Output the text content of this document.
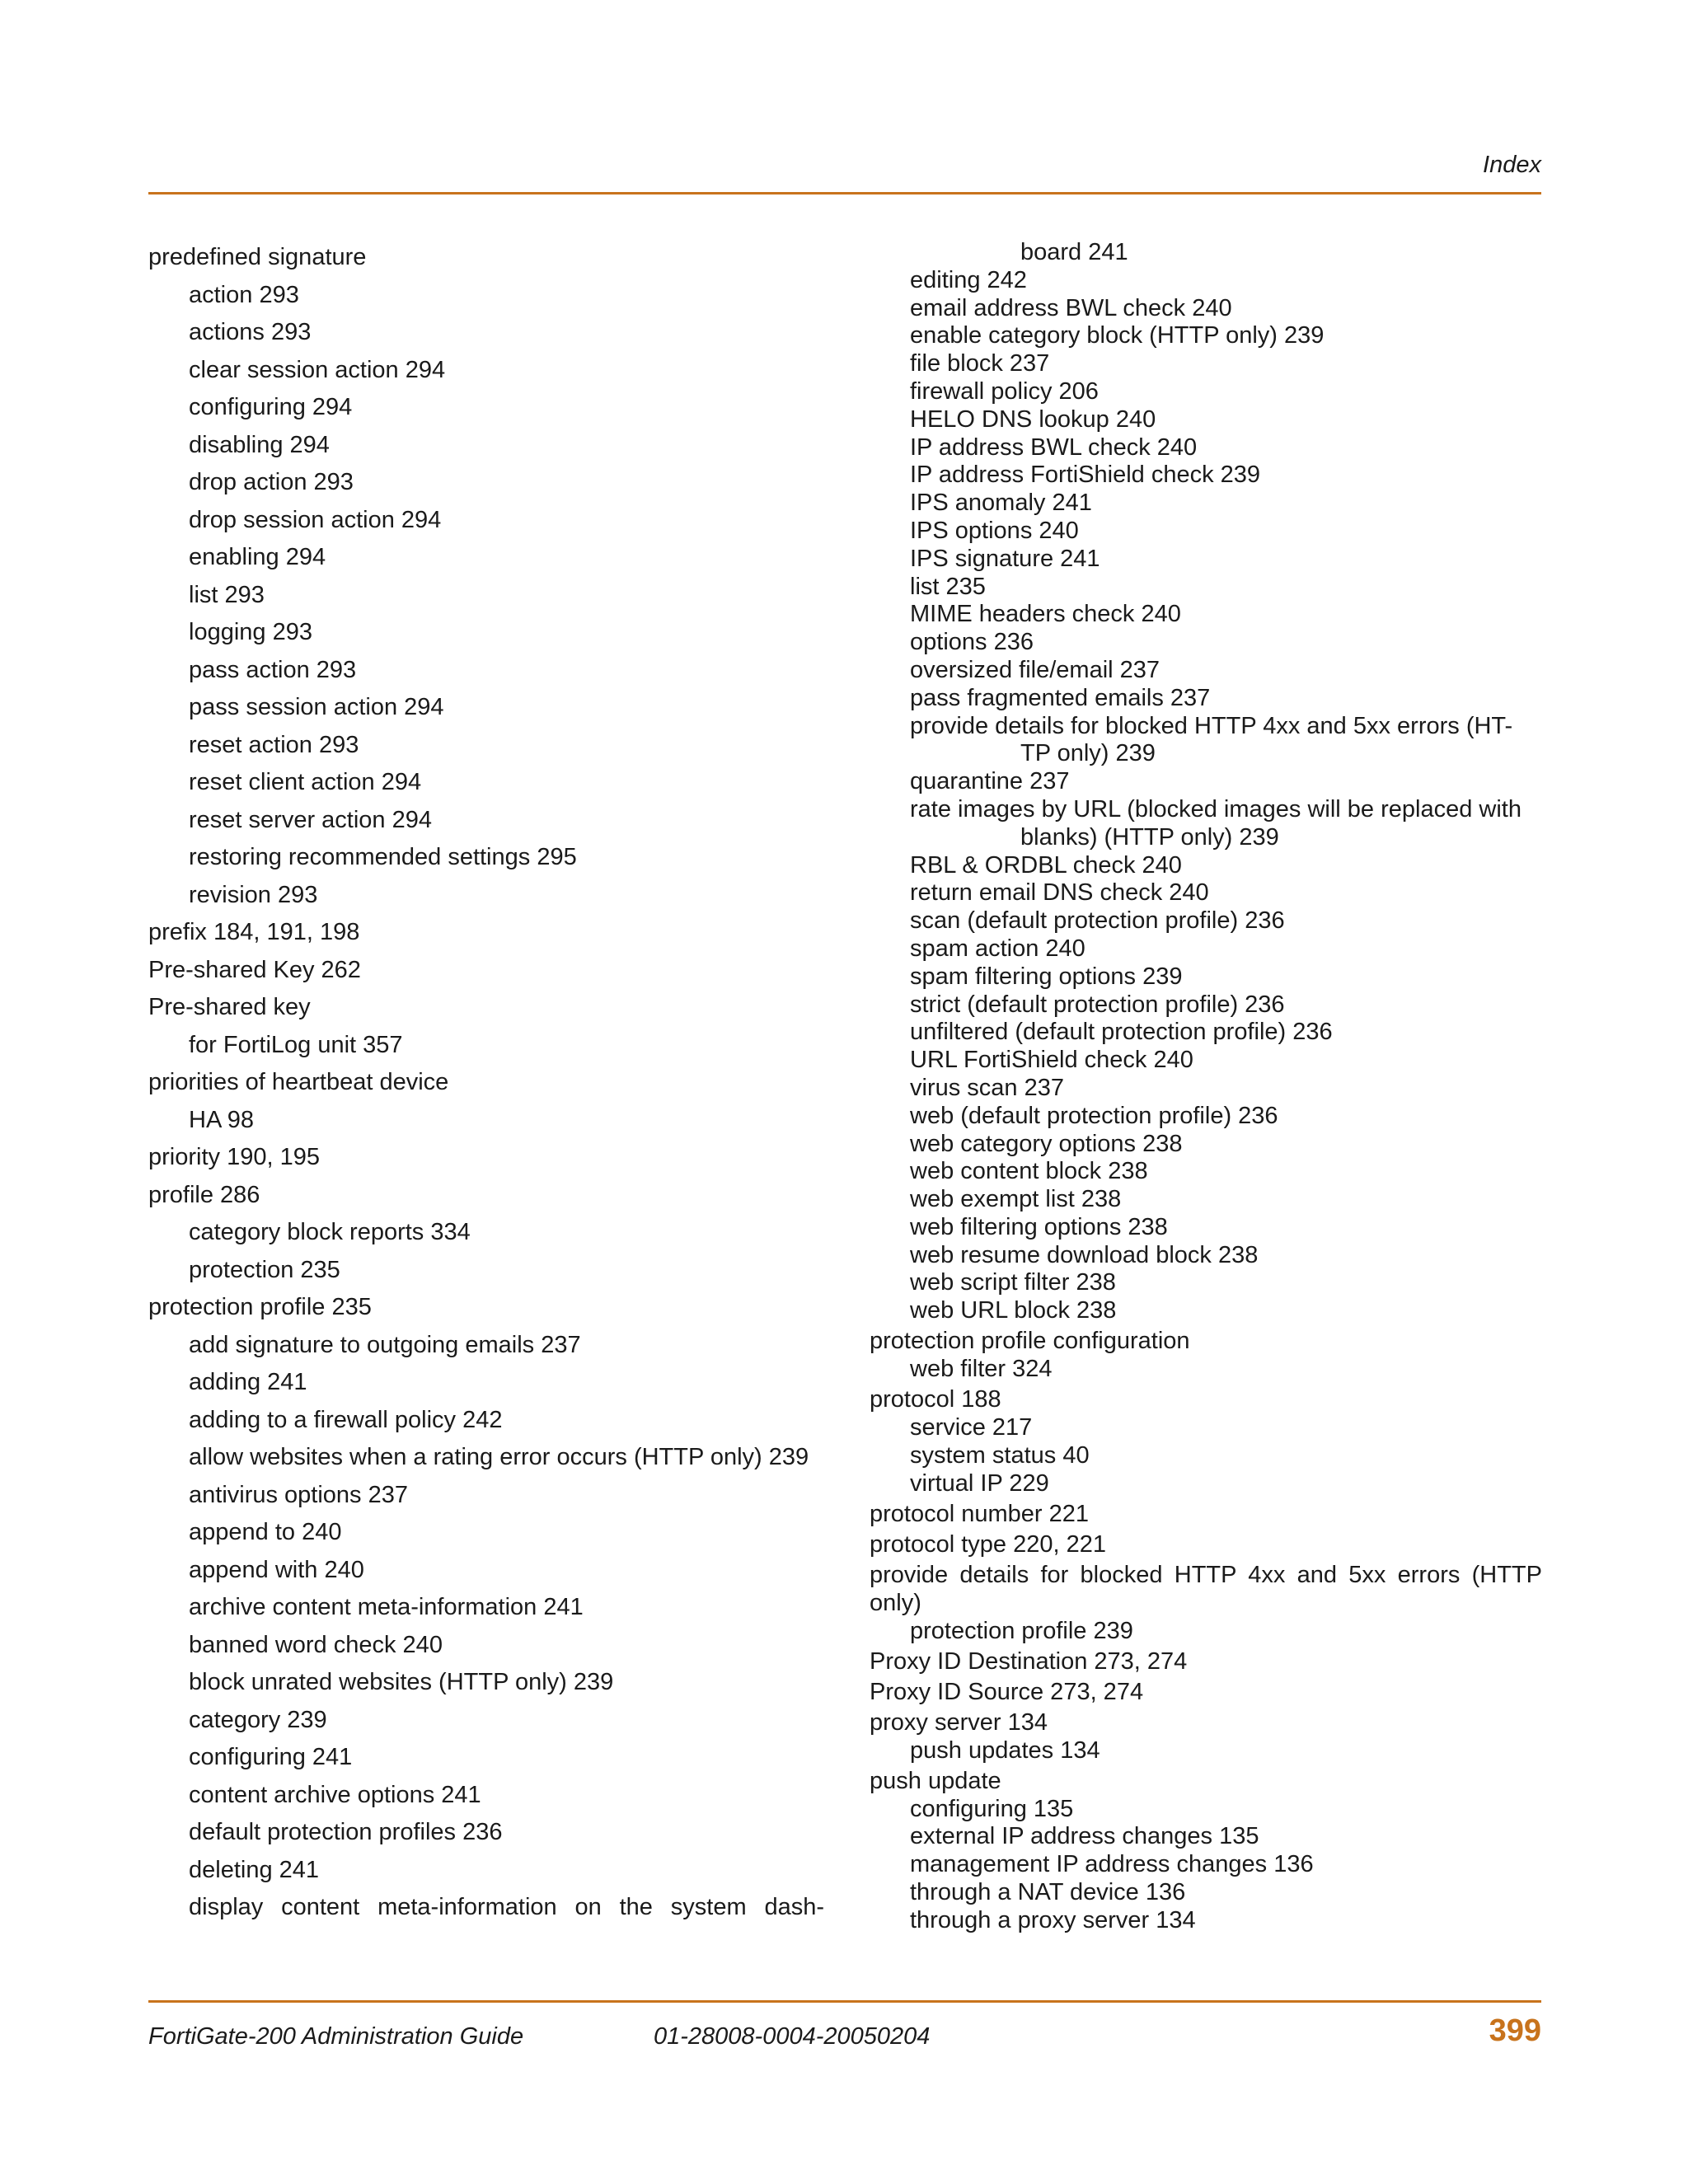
Index
predefined signature
action 293
actions 293
clear session action 294
configuring 294
disabling 294
drop action 293
drop session action 294
enabling 294
list 293
logging 293
pass action 293
pass session action 294
reset action 293
reset client action 294
reset server action 294
restoring recommended settings 295
revision 293
prefix 184, 191, 198
Pre-shared Key 262
Pre-shared key
for FortiLog unit 357
priorities of heartbeat device
HA 98
priority 190, 195
profile 286
category block reports 334
protection 235
protection profile 235
add signature to outgoing emails 237
adding 241
adding to a firewall policy 242
allow websites when a rating error occurs (HTTP only) 239
antivirus options 237
append to 240
append with 240
archive content meta-information 241
banned word check 240
block unrated websites (HTTP only) 239
category 239
configuring 241
content archive options 241
default protection profiles 236
deleting 241
display content meta-information on the system dash-
board 241
editing 242
email address BWL check 240
enable category block (HTTP only) 239
file block 237
firewall policy 206
HELO DNS lookup 240
IP address BWL check 240
IP address FortiShield check 239
IPS anomaly 241
IPS options 240
IPS signature 241
list 235
MIME headers check 240
options 236
oversized file/email 237
pass fragmented emails 237
provide details for blocked HTTP 4xx and 5xx errors (HT-TP only) 239
quarantine 237
rate images by URL (blocked images will be replaced with blanks) (HTTP only) 239
RBL & ORDBL check 240
return email DNS check 240
scan (default protection profile) 236
spam action 240
spam filtering options 239
strict (default protection profile) 236
unfiltered (default protection profile) 236
URL FortiShield check 240
virus scan 237
web (default protection profile) 236
web category options 238
web content block 238
web exempt list 238
web filtering options 238
web resume download block 238
web script filter 238
web URL block 238
protection profile configuration
web filter 324
protocol 188
service 217
system status 40
virtual IP 229
protocol number 221
protocol type 220, 221
provide details for blocked HTTP 4xx and 5xx errors (HTTP only)
protection profile 239
Proxy ID Destination 273, 274
Proxy ID Source 273, 274
proxy server 134
push updates 134
push update
configuring 135
external IP address changes 135
management IP address changes 136
through a NAT device 136
through a proxy server 134
FortiGate-200 Administration Guide	01-28008-0004-20050204	399
